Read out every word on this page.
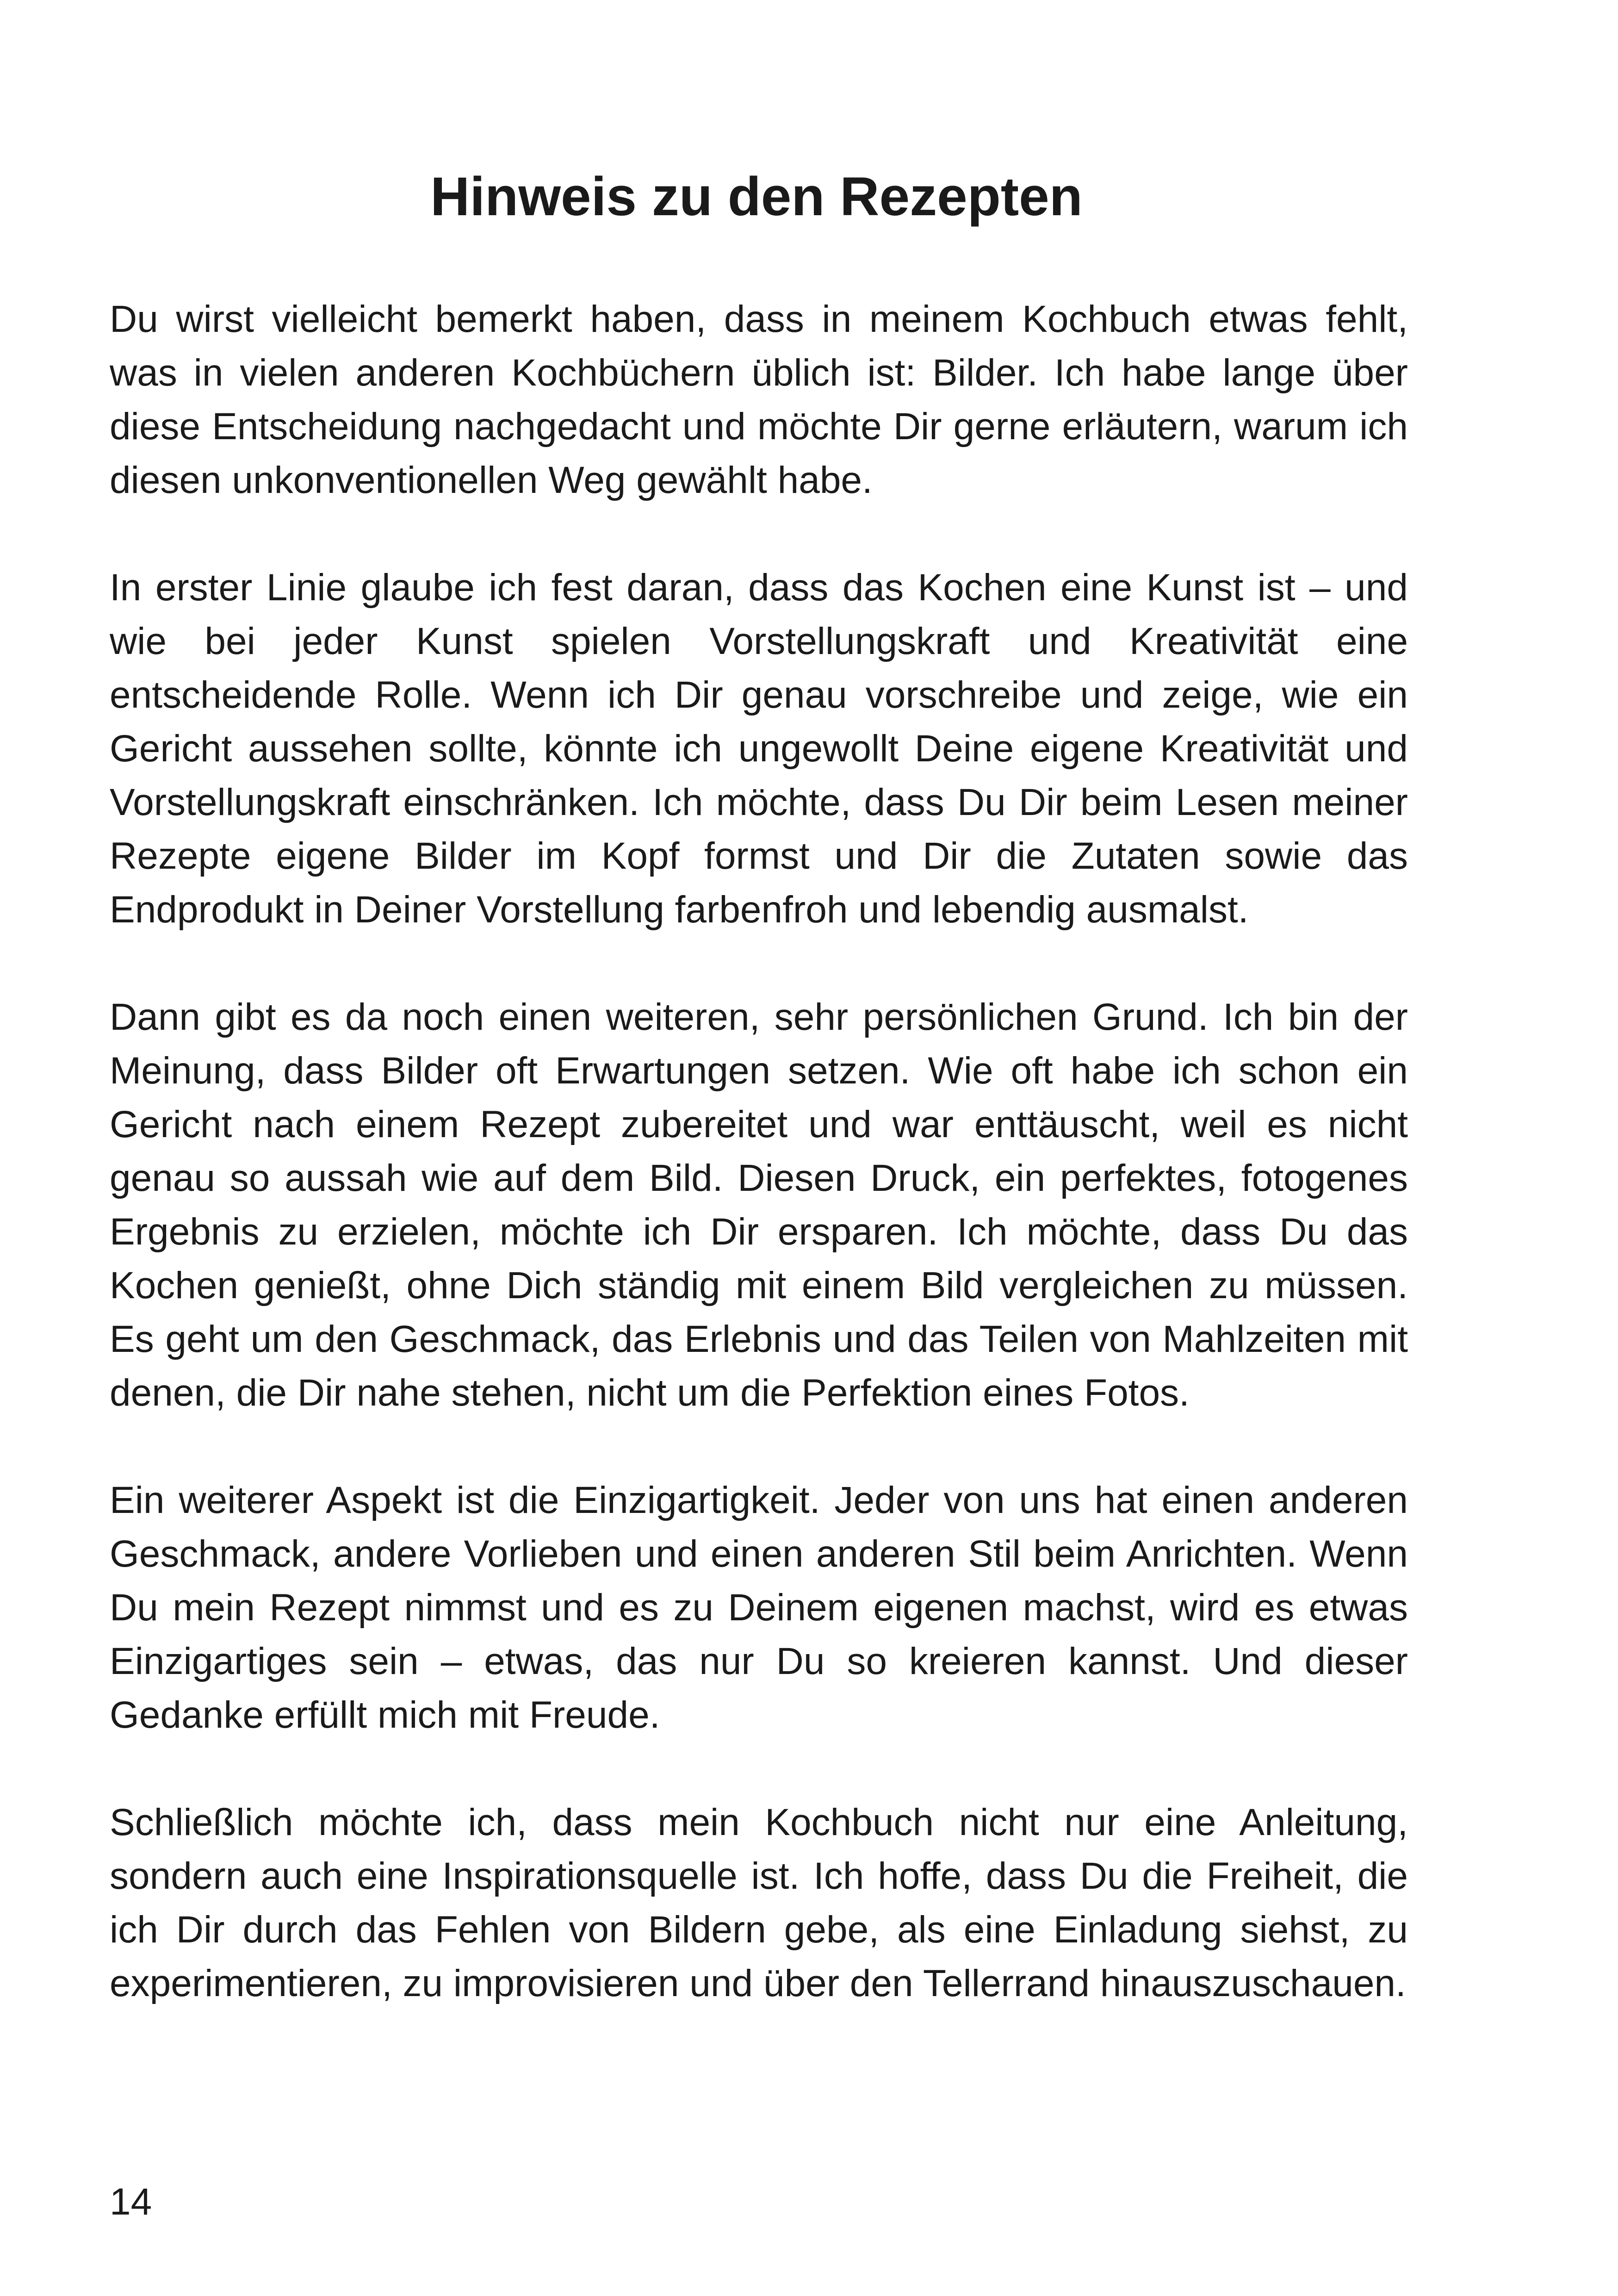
Hinweis zu den Rezepten

Du wirst vielleicht bemerkt haben, dass in meinem Kochbuch etwas fehlt, was in vielen anderen Kochbüchern üblich ist: Bilder. Ich habe lange über diese Entscheidung nachgedacht und möchte Dir gerne erläutern, warum ich diesen unkonventionellen Weg gewählt habe.

In erster Linie glaube ich fest daran, dass das Kochen eine Kunst ist – und wie bei jeder Kunst spielen Vorstellungskraft und Kreativität eine entscheidende Rolle. Wenn ich Dir genau vorschreibe und zeige, wie ein Gericht aussehen sollte, könnte ich ungewollt Deine eigene Kreativität und Vorstellungskraft einschränken. Ich möchte, dass Du Dir beim Lesen meiner Rezepte eigene Bilder im Kopf formst und Dir die Zutaten sowie das Endprodukt in Deiner Vorstellung farbenfroh und lebendig ausmalst.

Dann gibt es da noch einen weiteren, sehr persönlichen Grund. Ich bin der Meinung, dass Bilder oft Erwartungen setzen. Wie oft habe ich schon ein Gericht nach einem Rezept zubereitet und war enttäuscht, weil es nicht genau so aussah wie auf dem Bild. Diesen Druck, ein perfektes, fotogenes Ergebnis zu erzielen, möchte ich Dir ersparen. Ich möchte, dass Du das Kochen genießt, ohne Dich ständig mit einem Bild vergleichen zu müssen. Es geht um den Geschmack, das Erlebnis und das Teilen von Mahlzeiten mit denen, die Dir nahe stehen, nicht um die Perfektion eines Fotos.

Ein weiterer Aspekt ist die Einzigartigkeit. Jeder von uns hat einen anderen Geschmack, andere Vorlieben und einen anderen Stil beim Anrichten. Wenn Du mein Rezept nimmst und es zu Deinem eigenen machst, wird es etwas Einzigartiges sein – etwas, das nur Du so kreieren kannst. Und dieser Gedanke erfüllt mich mit Freude.

Schließlich möchte ich, dass mein Kochbuch nicht nur eine Anleitung, sondern auch eine Inspirationsquelle ist. Ich hoffe, dass Du die Freiheit, die ich Dir durch das Fehlen von Bildern gebe, als eine Einladung siehst, zu experimentieren, zu improvisieren und über den Tellerrand hinauszuschauen.

14
